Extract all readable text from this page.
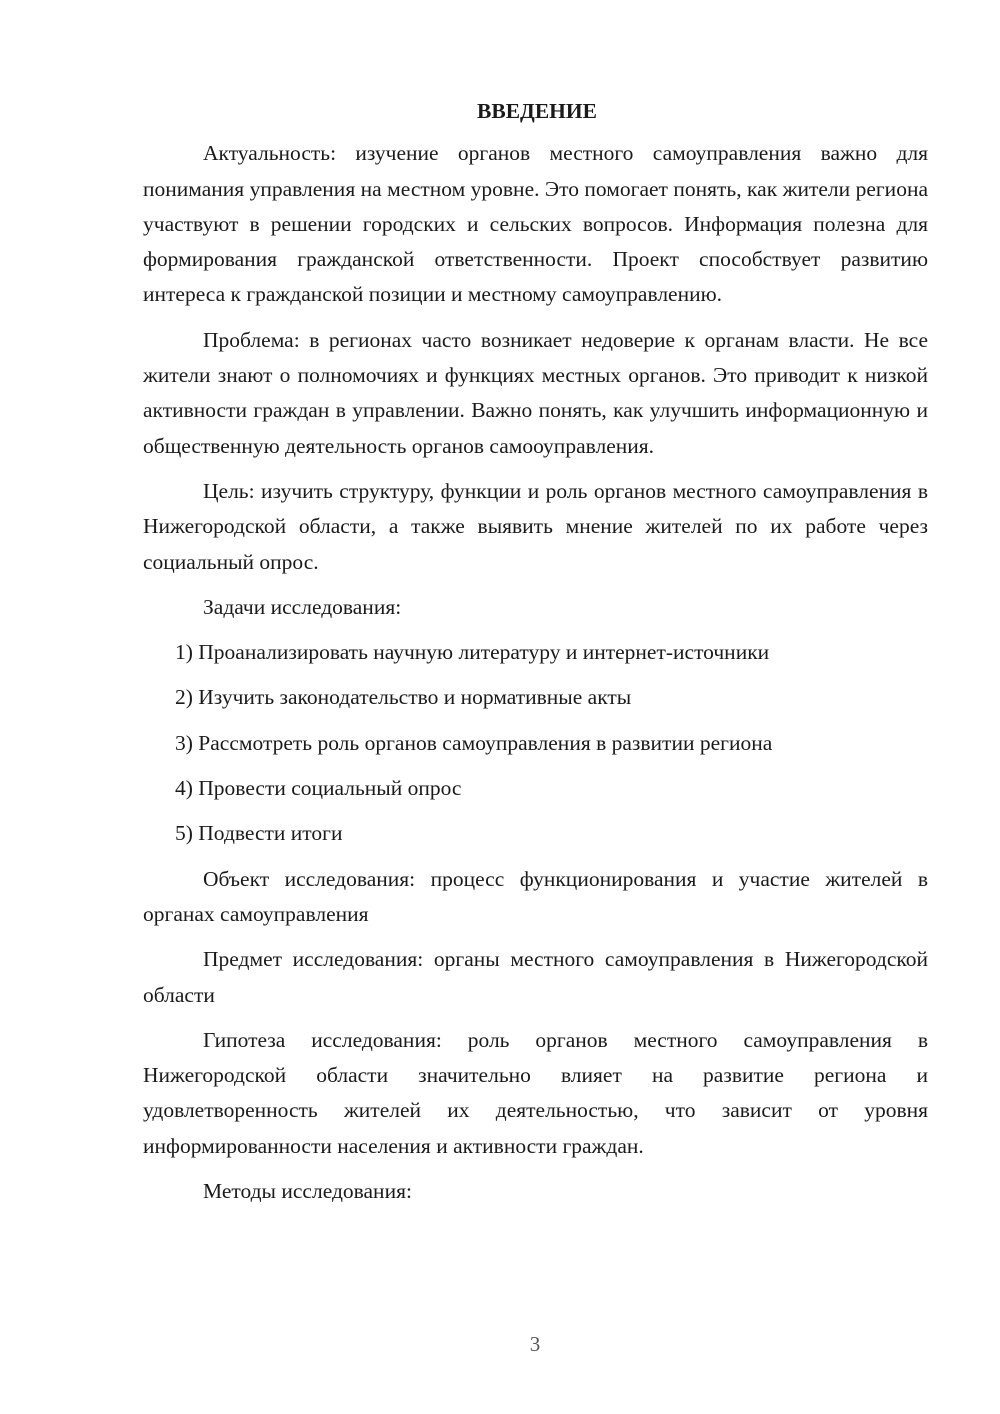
ВВЕДЕНИЕ

Актуальность: изучение органов местного самоуправления важно для понимания управления на местном уровне. Это помогает понять, как жители региона участвуют в решении городских и сельских вопросов. Информация полезна для формирования гражданской ответственности. Проект способствует развитию интереса к гражданской позиции и местному самоуправлению.

Проблема: в регионах часто возникает недоверие к органам власти. Не все жители знают о полномочиях и функциях местных органов. Это приводит к низкой активности граждан в управлении. Важно понять, как улучшить информационную и общественную деятельность органов самооуправления.

Цель: изучить структуру, функции и роль органов местного самоуправления в Нижегородской области, а также выявить мнение жителей по их работе через социальный опрос.

Задачи исследования:

1) Проанализировать научную литературу и интернет-источники
2) Изучить законодательство и нормативные акты
3) Рассмотреть роль органов самоуправления в развитии региона
4) Провести социальный опрос
5) Подвести итоги

Объект исследования: процесс функционирования и участие жителей в органах самоуправления

Предмет исследования: органы местного самоуправления в Нижегородской области

Гипотеза исследования: роль органов местного самоуправления в Нижегородской области значительно влияет на развитие региона и удовлетворенность жителей их деятельностью, что зависит от уровня информированности населения и активности граждан.

Методы исследования:

3
